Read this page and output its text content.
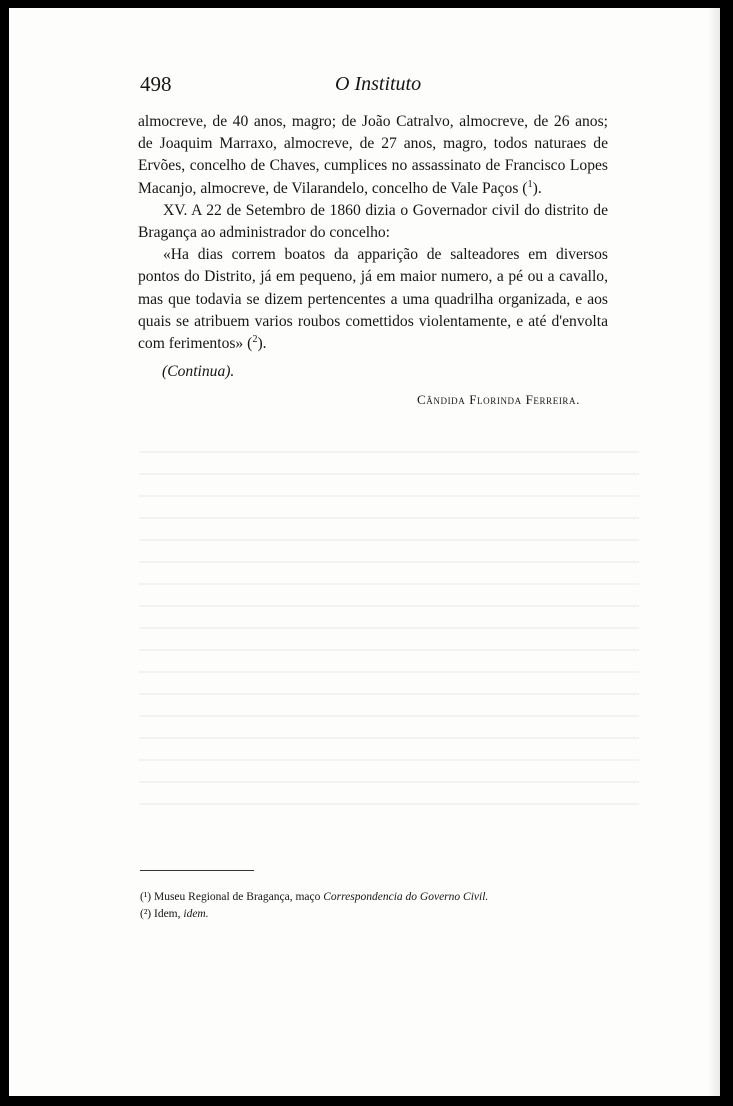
498	O Instituto

almocreve, de 40 anos, magro; de João Catralvo, almocreve, de 26 anos; de Joaquim Marraxo, almocreve, de 27 anos, magro, todos naturaes de Ervões, concelho de Chaves, cumplices no assassinato de Francisco Lopes Macanjo, almocreve, de Vilarandelo, concelho de Vale Paços ($^1$).

XV. A 22 de Setembro de 1860 dizia o Governador civil do distrito de Bragança ao administrador do concelho:

«Ha dias correm boatos da apparição de salteadores em diversos pontos do Distrito, já em pequeno, já em maior numero, a pé ou a cavallo, mas que todavia se dizem pertencentes a uma quadrilha organizada, e aos quais se atribuem varios roubos comettidos violentamente, e até d'envolta com ferimentos» ($^2$).

(Continua).
Cândida Florinda Ferreira.
(¹) Museu Regional de Bragança, maço Correspondencia do Governo Civil.
(²) Idem, idem.
